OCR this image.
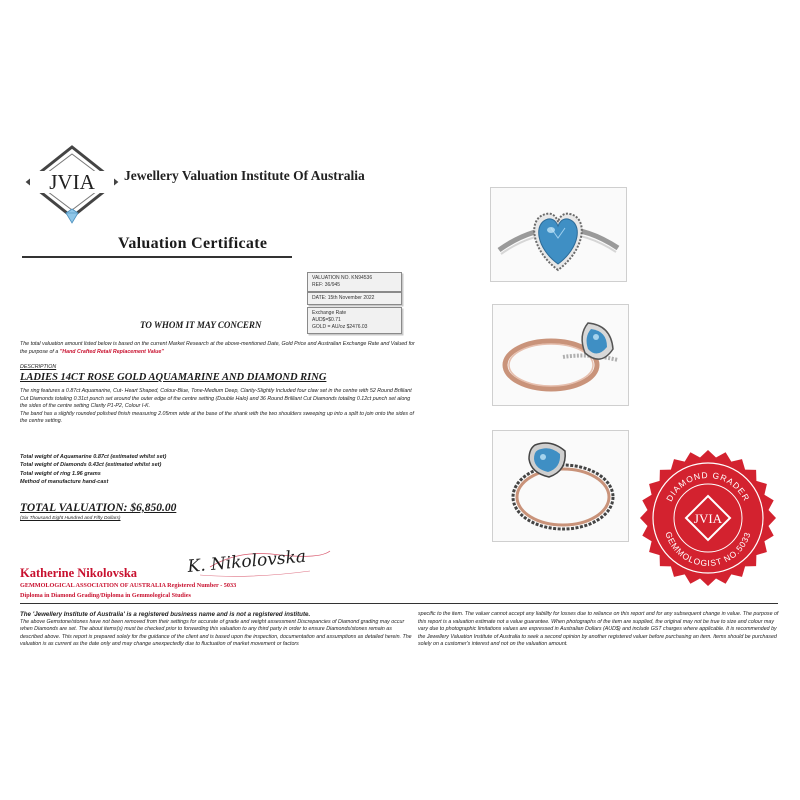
JVIA Jewellery Valuation Institute Of Australia
Valuation Certificate
VALUATION NO. KN94536
REF: 36/945
DATE: 15th November 2022
Exchange Rate
AUD$=$0.71
GOLD = AU/oz $2476.03
TO WHOM IT MAY CONCERN
The total valuation amount listed below is based on the current Market Research at the above-mentioned Date, Gold Price and Australian Exchange Rate and Valued for the purpose of a "Hand Crafted Retail Replacement Value"
DESCRIPTION
LADIES 14CT ROSE GOLD AQUAMARINE AND DIAMOND RING
The ring features a 0.87ct Aquamarine, Cut- Heart Shaped, Colour-Blue, Tone-Medium Deep, Clarity-Slightly Included four claw set in the centre with 52 Round Brilliant Cut Diamonds totaling 0.31ct punch set around the outer edge of the centre setting (Double Halo) and 36 Round Brilliant Cut Diamonds totaling 0.12ct punch set along the sides of the centre setting Clarity P1-P2, Colour I-K.
The band has a slightly rounded polished finish measuring 2.05mm wide at the base of the shank with the two shoulders sweeping up into a split to join onto the sides of the centre setting.
Total weight of Aquamarine 0.87ct (estimated whilst set)
Total weight of Diamonds 0.43ct (estimated whilst set)
Total weight of ring 1.96 grams
Method of manufacture hand-cast
TOTAL VALUATION: $6,850.00
(Six Thousand Eight Hundred and Fifty Dollars)
Katherine Nikolovska	K. Nikolovska
GEMMOLOGICAL ASSOCIATION OF AUSTRALIA Registered Number - 5033
Diploma in Diamond Grading/Diploma in Gemmological Studies
The 'Jewellery Institute of Australia' is a registered business name and is not a registered institute.
The above Gemstone/stones have not been removed from their settings for accurate of grade and weight assessment Discrepancies of Diamond grading may occur when Diamonds are set. The about items(s) must be checked prior to forwarding this valuation to any third party in order to ensure Diamonds/stones remain as described above. This report is prepared solely for the guidance of the client and is based upon the inspection, documentation and assumptions as detailed herein. The valuation is as current as the date only and may change unexpectedly due to fluctuation of market movement or factors
specific to the item. The valuer cannot accept any liability for losses due to reliance on this report and for any subsequent change in value. The purpose of this report is a valuation estimate not a value guarantee. When photographs of the item are supplied, the original may not be true to size and colour may vary due to photographic limitations values are expressed in Australian Dollars (AUD$) and include GST charges where applicable. It is recommended by the Jewellery Valuation Institute of Australia to seek a second opinion by another registered valuer before purchasing an item. Items should be purchased solely on a customer's interest and not on the valuation amount.
DIAMOND GRADER
GEMMOLOGIST NO.5033
JVIA
